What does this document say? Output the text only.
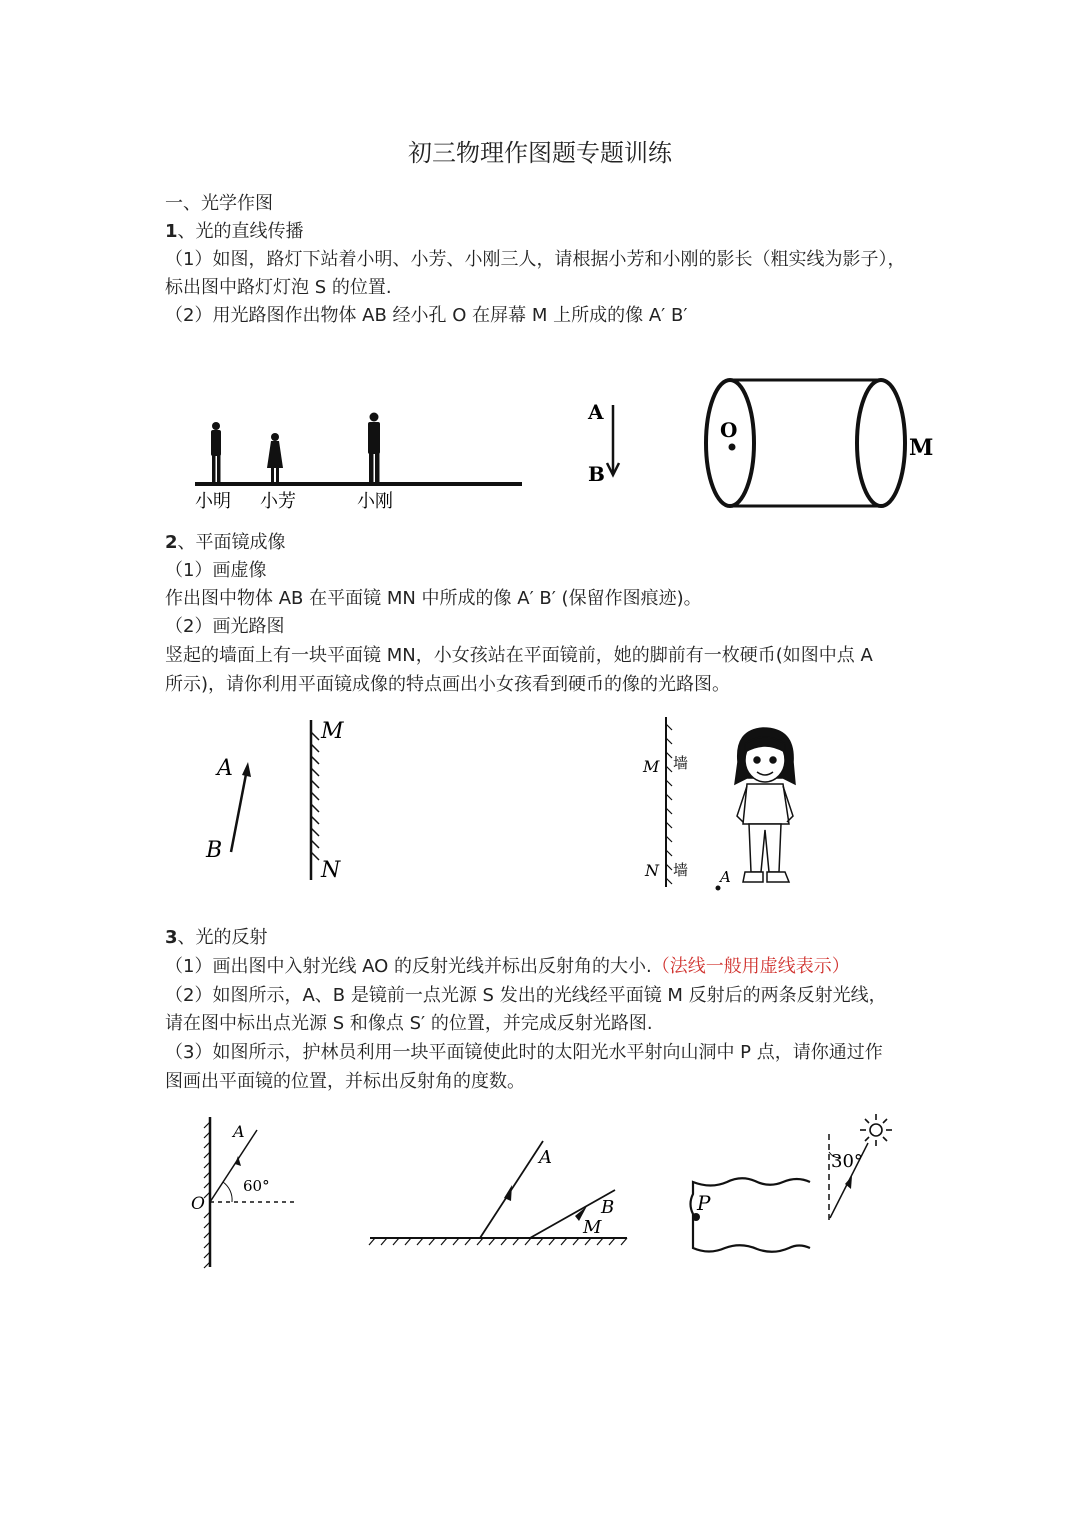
初三物理作图题专题训练
一、光学作图
1、光的直线传播
（1）如图，路灯下站着小明、小芳、小刚三人，请根据小芳和小刚的影长（粗实线为影子），
标出图中路灯灯泡 S 的位置.
（2）用光路图作出物体 AB 经小孔 O 在屏幕 M 上所成的像 A′ B′
小明 小芳	小刚
A
B
O
M
2、平面镜成像
（1）画虚像
作出图中物体 AB 在平面镜 MN 中所成的像 A′ B′ (保留作图痕迹)。
（2）画光路图
竖起的墙面上有一块平面镜 MN，小女孩站在平面镜前，她的脚前有一枚硬币(如图中点 A
所示)，请你利用平面镜成像的特点画出小女孩看到硬币的像的光路图。
A
B
M
N
M 墙
N 墙 A
3、光的反射
（1）画出图中入射光线 AO 的反射光线并标出反射角的大小.（法线一般用虚线表示）
（2）如图所示，A、B 是镜前一点光源 S 发出的光线经平面镜 M 反射后的两条反射光线，
请在图中标出点光源 S 和像点 S′ 的位置，并完成反射光路图.
（3）如图所示，护林员利用一块平面镜使此时的太阳光水平射向山洞中 P 点，请你通过作
图画出平面镜的位置，并标出反射角的度数。
A
O
60°
A
B
M
P
30°
